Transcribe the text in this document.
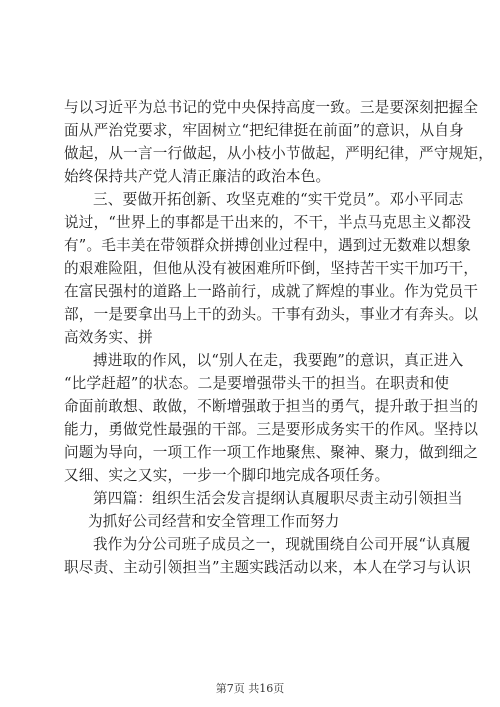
与以习近平为总书记的党中央保持高度一致。三是要深刻把握全
面从严治党要求，牢固树立“把纪律挺在前面”的意识，从自身
做起，从一言一行做起，从小枝小节做起，严明纪律，严守规矩，
始终保持共产党人清正廉洁的政治本色。
三、要做开拓创新、攻坚克难的“实干党员”。邓小平同志
说过，“世界上的事都是干出来的，不干，半点马克思主义都没
有”。毛丰美在带领群众拼搏创业过程中，遇到过无数难以想象
的艰难险阻，但他从没有被困难所吓倒，坚持苦干实干加巧干，
在富民强村的道路上一路前行，成就了辉煌的事业。作为党员干
部，一是要拿出马上干的劲头。干事有劲头，事业才有奔头。以
高效务实、拼
搏进取的作风，以“别人在走，我要跑”的意识，真正进入
“比学赶超”的状态。二是要增强带头干的担当。在职责和使
命面前敢想、敢做，不断增强敢于担当的勇气，提升敢于担当的
能力，勇做党性最强的干部。三是要形成务实干的作风。坚持以
问题为导向，一项工作一项工作地聚焦、聚神、聚力，做到细之
又细、实之又实，一步一个脚印地完成各项任务。
第四篇：组织生活会发言提纲认真履职尽责主动引领担当
为抓好公司经营和安全管理工作而努力
我作为分公司班子成员之一，现就围绕自公司开展“认真履
职尽责、主动引领担当”主题实践活动以来，本人在学习与认识
第7页 共16页
